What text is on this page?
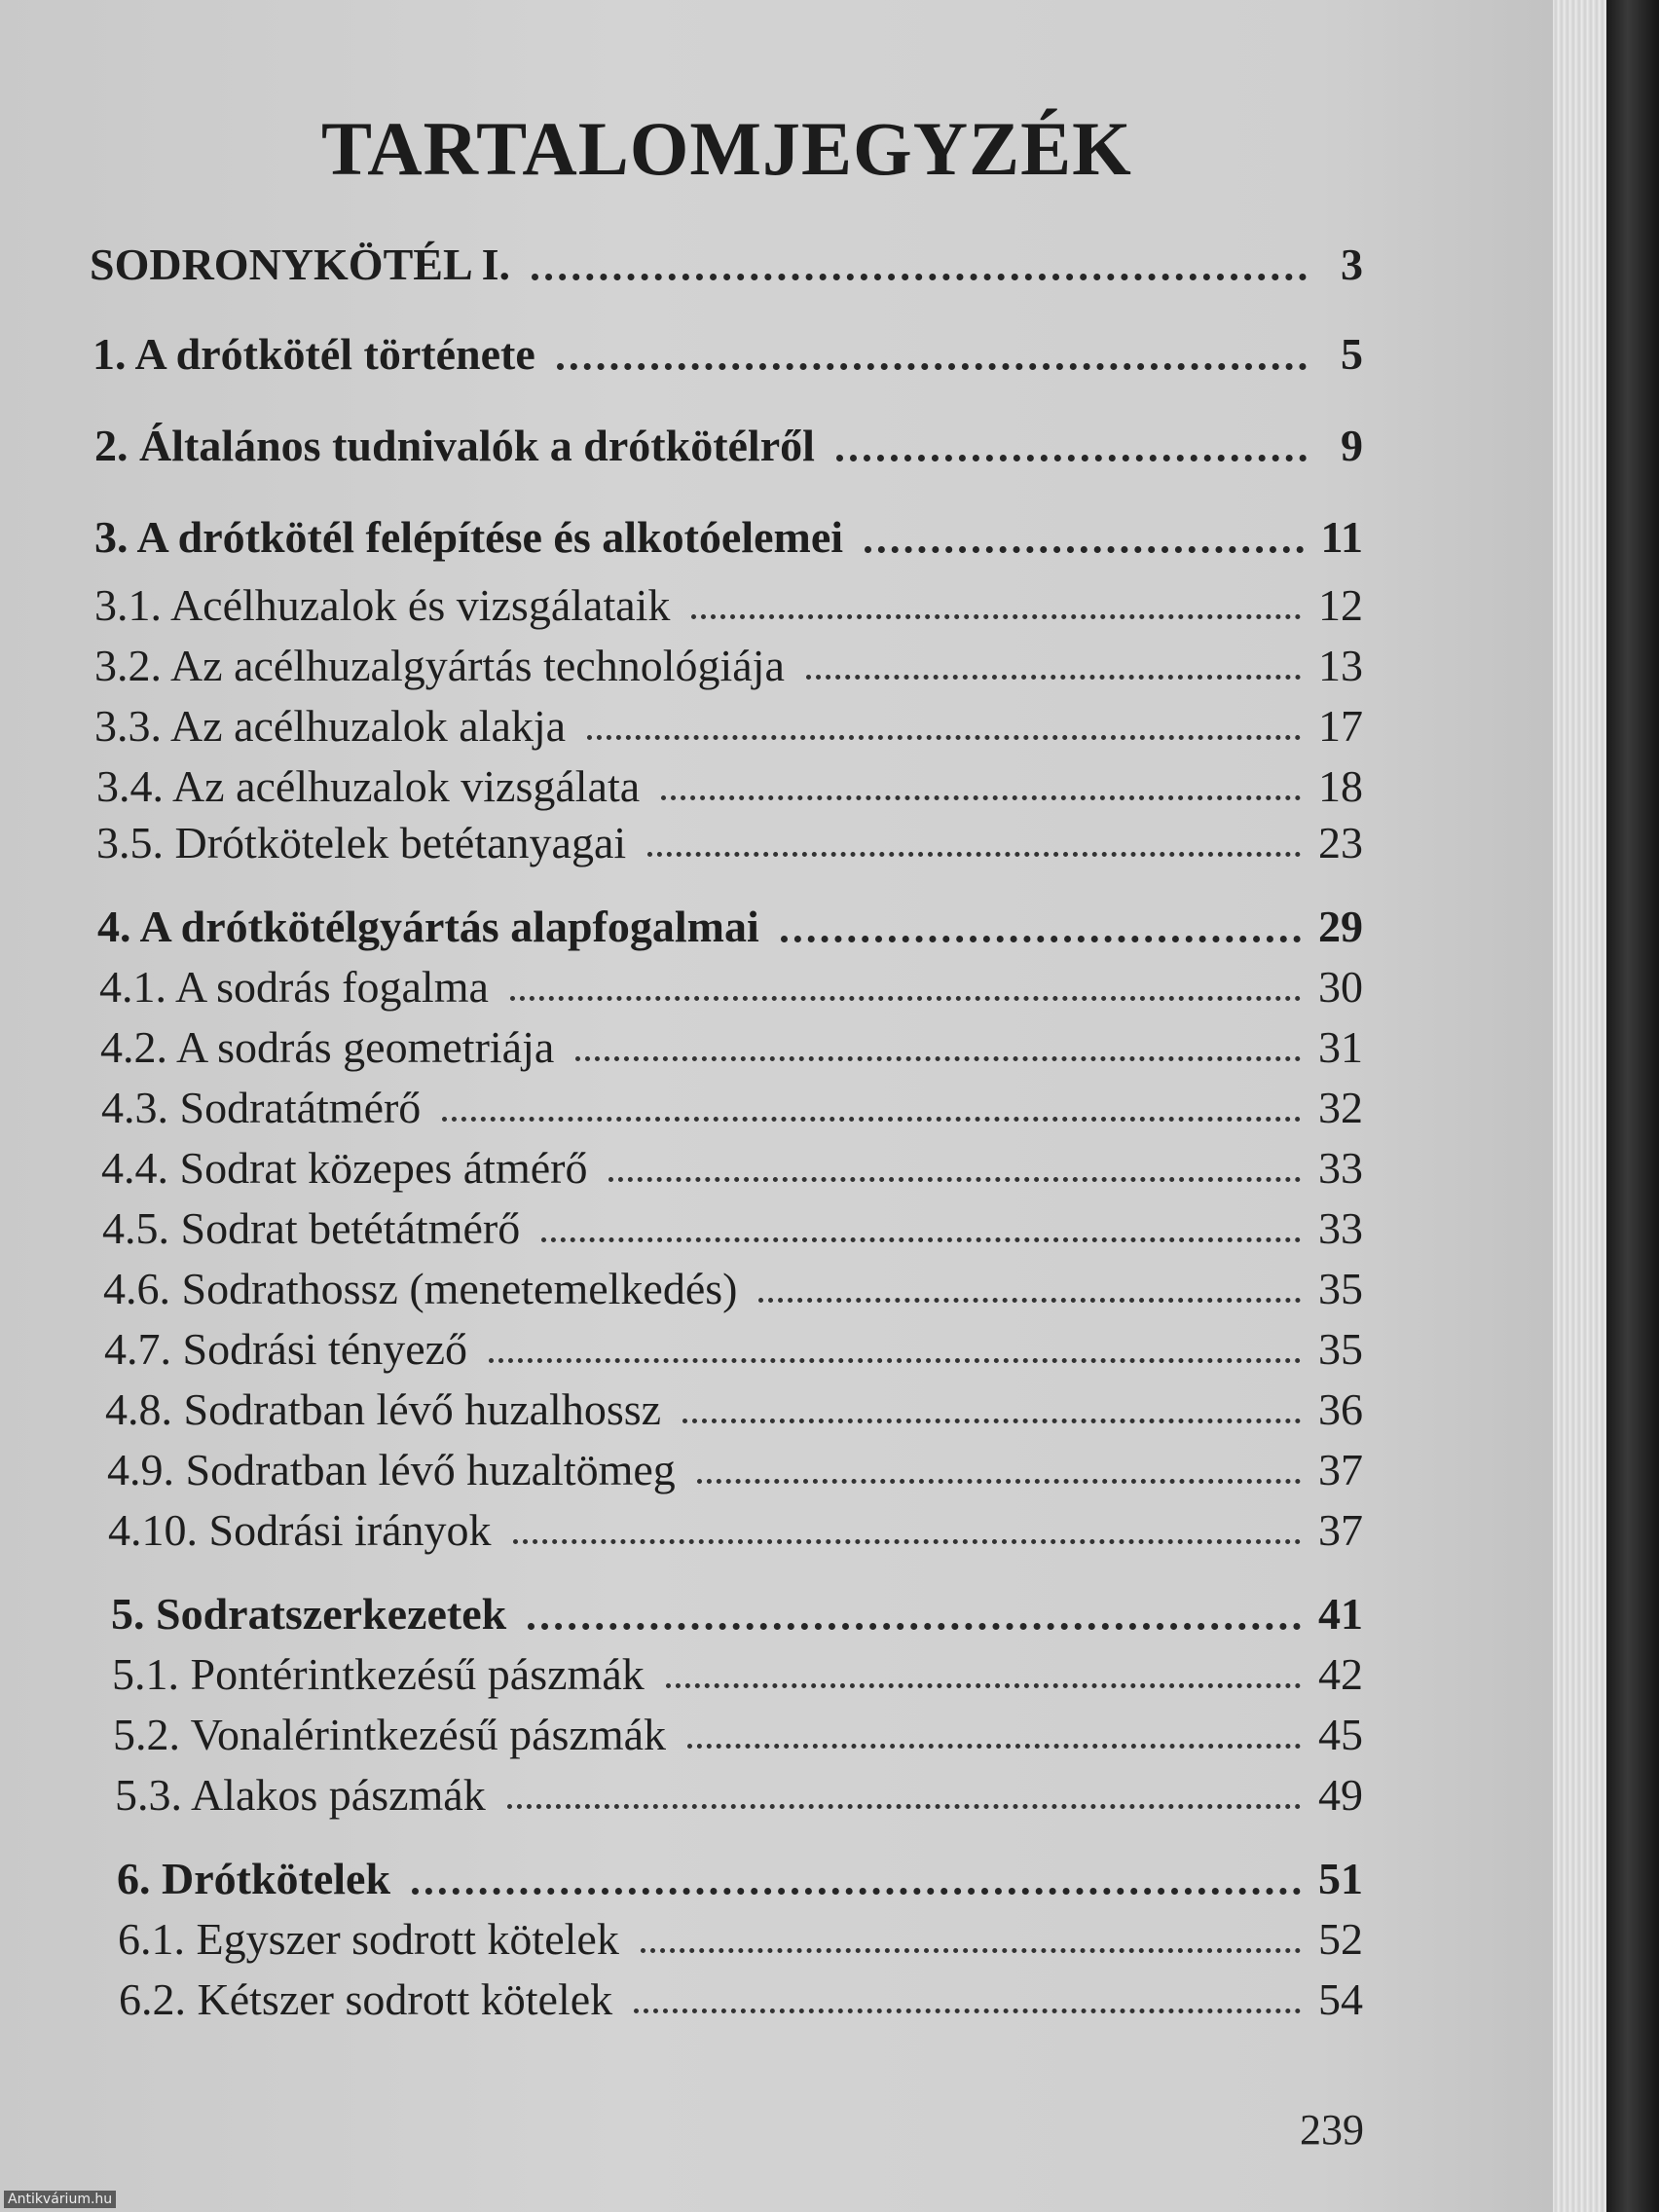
TARTALOMJEGYZÉK
SODRONYKÖTÉL I.	3
1. A drótkötél története	5
2. Általános tudnivalók a drótkötélről	9
3. A drótkötél felépítése és alkotóelemei	11
3.1. Acélhuzalok és vizsgálataik	12
3.2. Az acélhuzalgyártás technológiája	13
3.3. Az acélhuzalok alakja	17
3.4. Az acélhuzalok vizsgálata	18
3.5. Drótkötelek betétanyagai	23
4. A drótkötélgyártás alapfogalmai	29
4.1. A sodrás fogalma	30
4.2. A sodrás geometriája	31
4.3. Sodratátmérő	32
4.4. Sodrat közepes átmérő	33
4.5. Sodrat betétátmérő	33
4.6. Sodrathossz (menetemelkedés)	35
4.7. Sodrási tényező	35
4.8. Sodratban lévő huzalhossz	36
4.9. Sodratban lévő huzaltömeg	37
4.10. Sodrási irányok	37
5. Sodratszerkezetek	41
5.1. Pontérintkezésű pászmák	42
5.2. Vonalérintkezésű pászmák	45
5.3. Alakos pászmák	49
6. Drótkötelek	51
6.1. Egyszer sodrott kötelek	52
6.2. Kétszer sodrott kötelek	54
239
Antikvárium.hu
